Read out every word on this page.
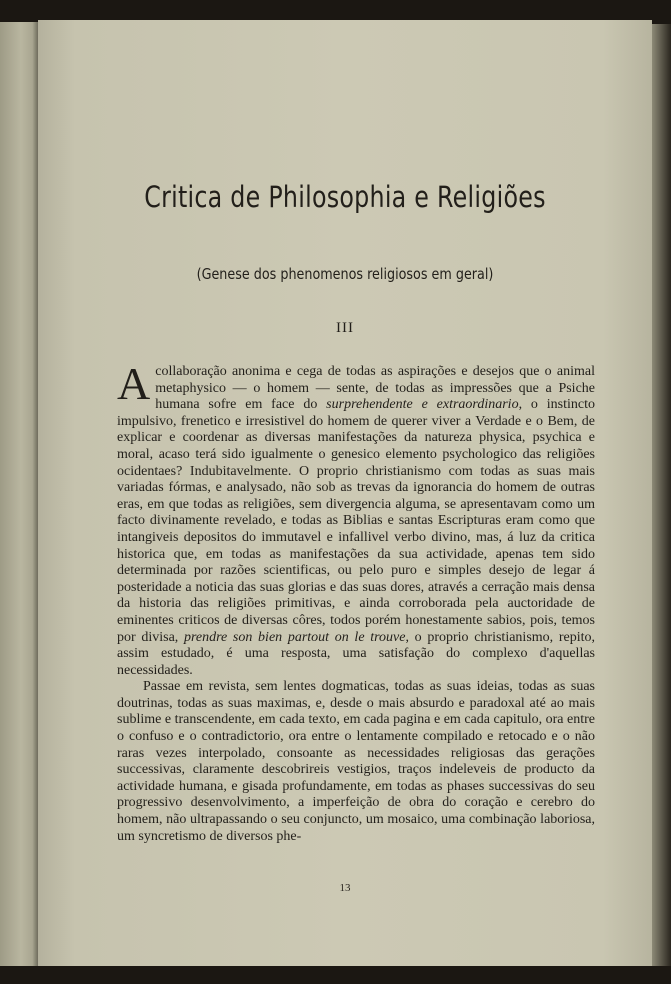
Critica de Philosophia e Religiões
(Genese dos phenomenos religiosos em geral)
III

Acollaboração anonima e cega de todas as aspirações e desejos que o animal metaphysico — o homem — sente, de todas as impressões que a Psiche humana sofre em face do surprehendente e extraordinario, o instincto impulsivo, frenetico e irresistivel do homem de querer viver a Verdade e o Bem, de explicar e coordenar as diversas manifestações da natureza physica, psychica e moral, acaso terá sido igualmente o genesico elemento psychologico das religiões ocidentaes? Indubitavelmente. O proprio christianismo com todas as suas mais variadas fórmas, e analysado, não sob as trevas da ignorancia do homem de outras eras, em que todas as religiões, sem divergencia alguma, se apresentavam como um facto divinamente revelado, e todas as Biblias e santas Escripturas eram como que intangiveis depositos do immutavel e infallivel verbo divino, mas, á luz da critica historica que, em todas as manifestações da sua actividade, apenas tem sido determinada por razões scientificas, ou pelo puro e simples desejo de legar á posteridade a noticia das suas glorias e das suas dores, através a cerração mais densa da historia das religiões primitivas, e ainda corroborada pela auctoridade de eminentes criticos de diversas côres, todos porém honestamente sabios, pois, temos por divisa, prendre son bien partout on le trouve, o proprio christianismo, repito, assim estudado, é uma resposta, uma satisfação do complexo d'aquellas necessidades.

Passae em revista, sem lentes dogmaticas, todas as suas ideias, todas as suas doutrinas, todas as suas maximas, e, desde o mais absurdo e paradoxal até ao mais sublime e transcendente, em cada texto, em cada pagina e em cada capitulo, ora entre o confuso e o contradictorio, ora entre o lentamente compilado e retocado e o não raras vezes interpolado, consoante as necessidades religiosas das gerações successivas, claramente descobrireis vestigios, traços indeleveis de producto da actividade humana, e gisada profundamente, em todas as phases successivas do seu progressivo desenvolvimento, a imperfeição de obra do coração e cerebro do homem, não ultrapassando o seu conjuncto, um mosaico, uma combinação laboriosa, um syncretismo de diversos phe-

13
